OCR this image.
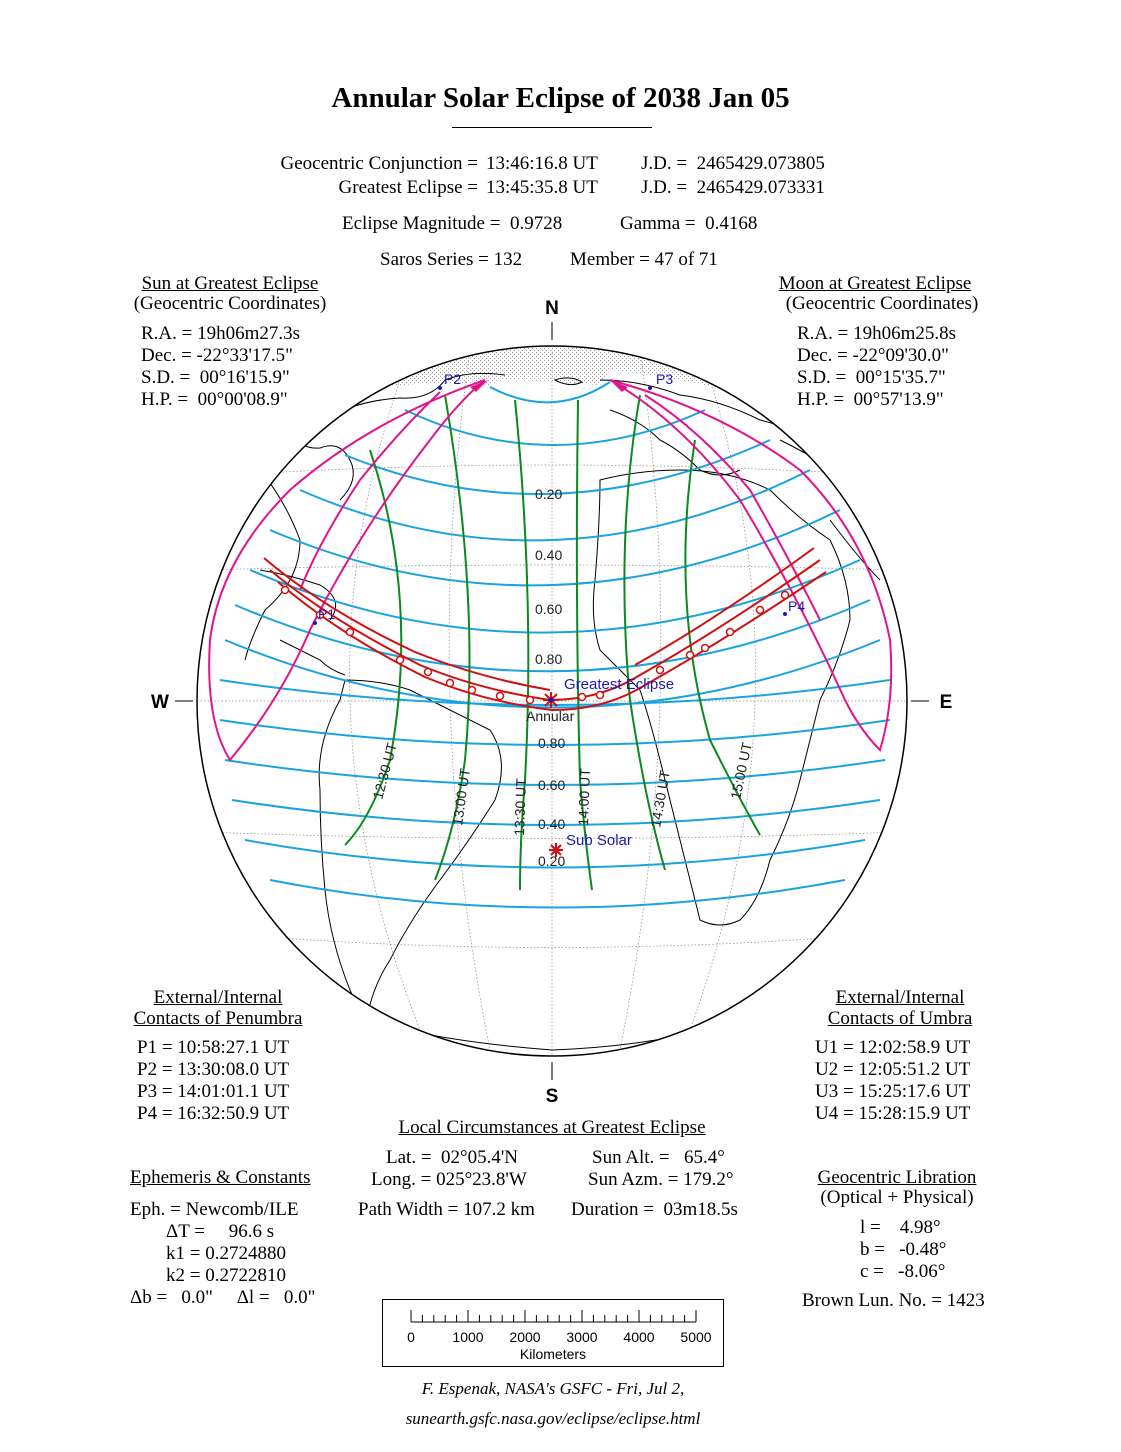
Annular Solar Eclipse of 2038 Jan 05
Geocentric Conjunction = 13:46:16.8 UT J.D. =  2465429.073805
Greatest Eclipse = 13:45:35.8 UT J.D. =  2465429.073331
Eclipse Magnitude =  0.9728	Gamma =  0.4168
Saros Series = 132	Member = 47 of 71
Sun at Greatest Eclipse
(Geocentric Coordinates)
R.A. = 19h06m27.3s
Dec. = -22°33'17.5"
S.D. =  00°16'15.9"
H.P. =  00°00'08.9"
Moon at Greatest Eclipse
(Geocentric Coordinates)
R.A. = 19h06m25.8s
Dec. = -22°09'30.0"
S.D. =  00°15'35.7"
H.P. =  00°57'13.9"
N
S
W	E
P1
P2	P3
P4
0.20
0.40
0.60
0.80
0.80
0.60
0.40
0.20
12:30 UT	13:00 UT	13:30 UT	14:00 UT	14:30 UT	15:00 UT
Greatest Eclipse
Annular
Sub Solar
External/Internal
Contacts of Penumbra
P1 = 10:58:27.1 UT
P2 = 13:30:08.0 UT
P3 = 14:01:01.1 UT
P4 = 16:32:50.9 UT
External/Internal
Contacts of Umbra
U1 = 12:02:58.9 UT
U2 = 12:05:51.2 UT
U3 = 15:25:17.6 UT
U4 = 15:28:15.9 UT
Local Circumstances at Greatest Eclipse
Lat. =  02°05.4'N	Sun Alt. =   65.4°
Long. = 025°23.8'W	Sun Azm. = 179.2°
Path Width = 107.2 km Duration =  03m18.5s
Ephemeris & Constants
Eph. = Newcomb/ILE
ΔT =     96.6 s
k1 = 0.2724880
k2 = 0.2722810
Δb =   0.0"     Δl =   0.0"
Geocentric Libration
(Optical + Physical)
l =    4.98°
b =   -0.48°
c =   -8.06°
Brown Lun. No. = 1423
0	1000 2000 3000 4000 5000
Kilometers
F. Espenak, NASA's GSFC - Fri, Jul 2,
sunearth.gsfc.nasa.gov/eclipse/eclipse.html
